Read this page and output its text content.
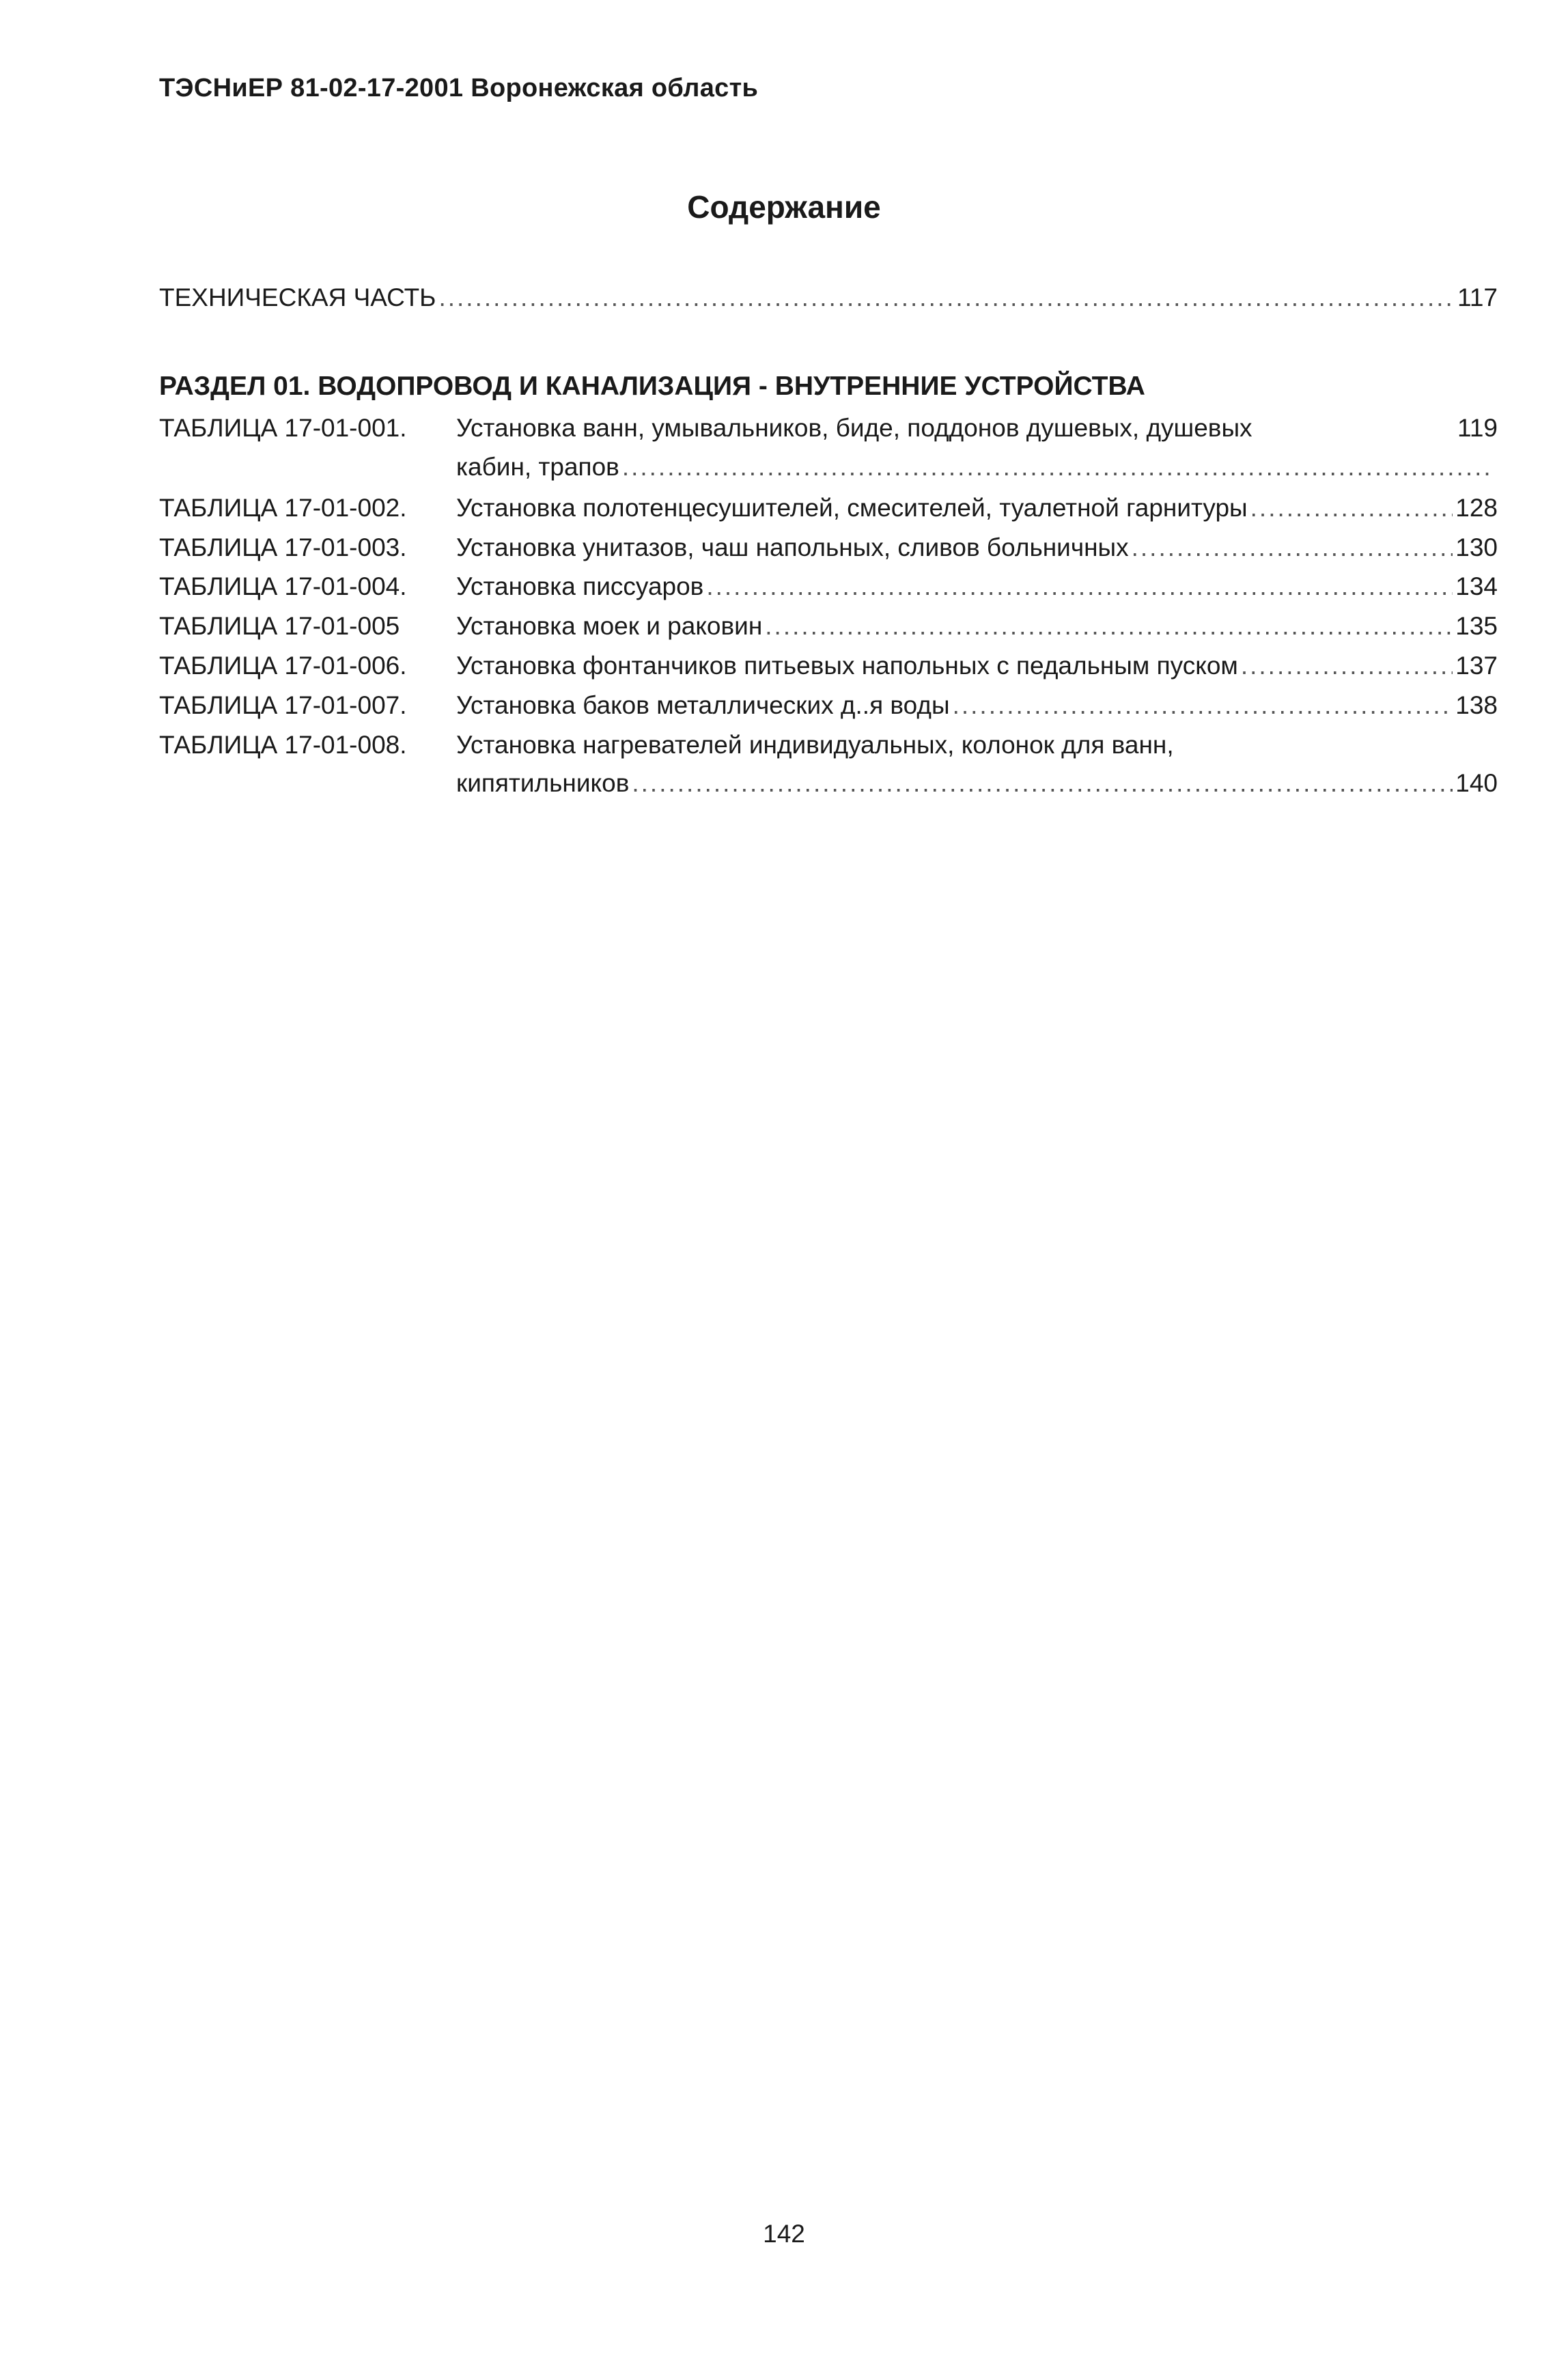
ТЭСНиЕР 81-02-17-2001 Воронежская область
Содержание
ТЕХНИЧЕСКАЯ ЧАСТЬ .....	117
РАЗДЕЛ 01. ВОДОПРОВОД И КАНАЛИЗАЦИЯ - ВНУТРЕННИЕ УСТРОЙСТВА
ТАБЛИЦА 17-01-001. Установка ванн, умывальников, биде, поддонов душевых, душевых	119
кабин, трапов
.....
ТАБЛИЦА 17-01-002. Установка полотенцесушителей, смесителей, туалетной гарнитуры .....	128
ТАБЛИЦА 17-01-003. Установка унитазов, чаш напольных, сливов больничных .....	130
ТАБЛИЦА 17-01-004. Установка писсуаров .....	134
ТАБЛИЦА 17-01-005 Установка моек и раковин .....	135
ТАБЛИЦА 17-01-006. Установка фонтанчиков питьевых напольных с педальным пуском .....	137
ТАБЛИЦА 17-01-007. Установка баков металлических д..я воды .....	138
ТАБЛИЦА 17-01-008. Установка нагревателей индивидуальных, колонок для ванн,
кипятильников .....	140
142
